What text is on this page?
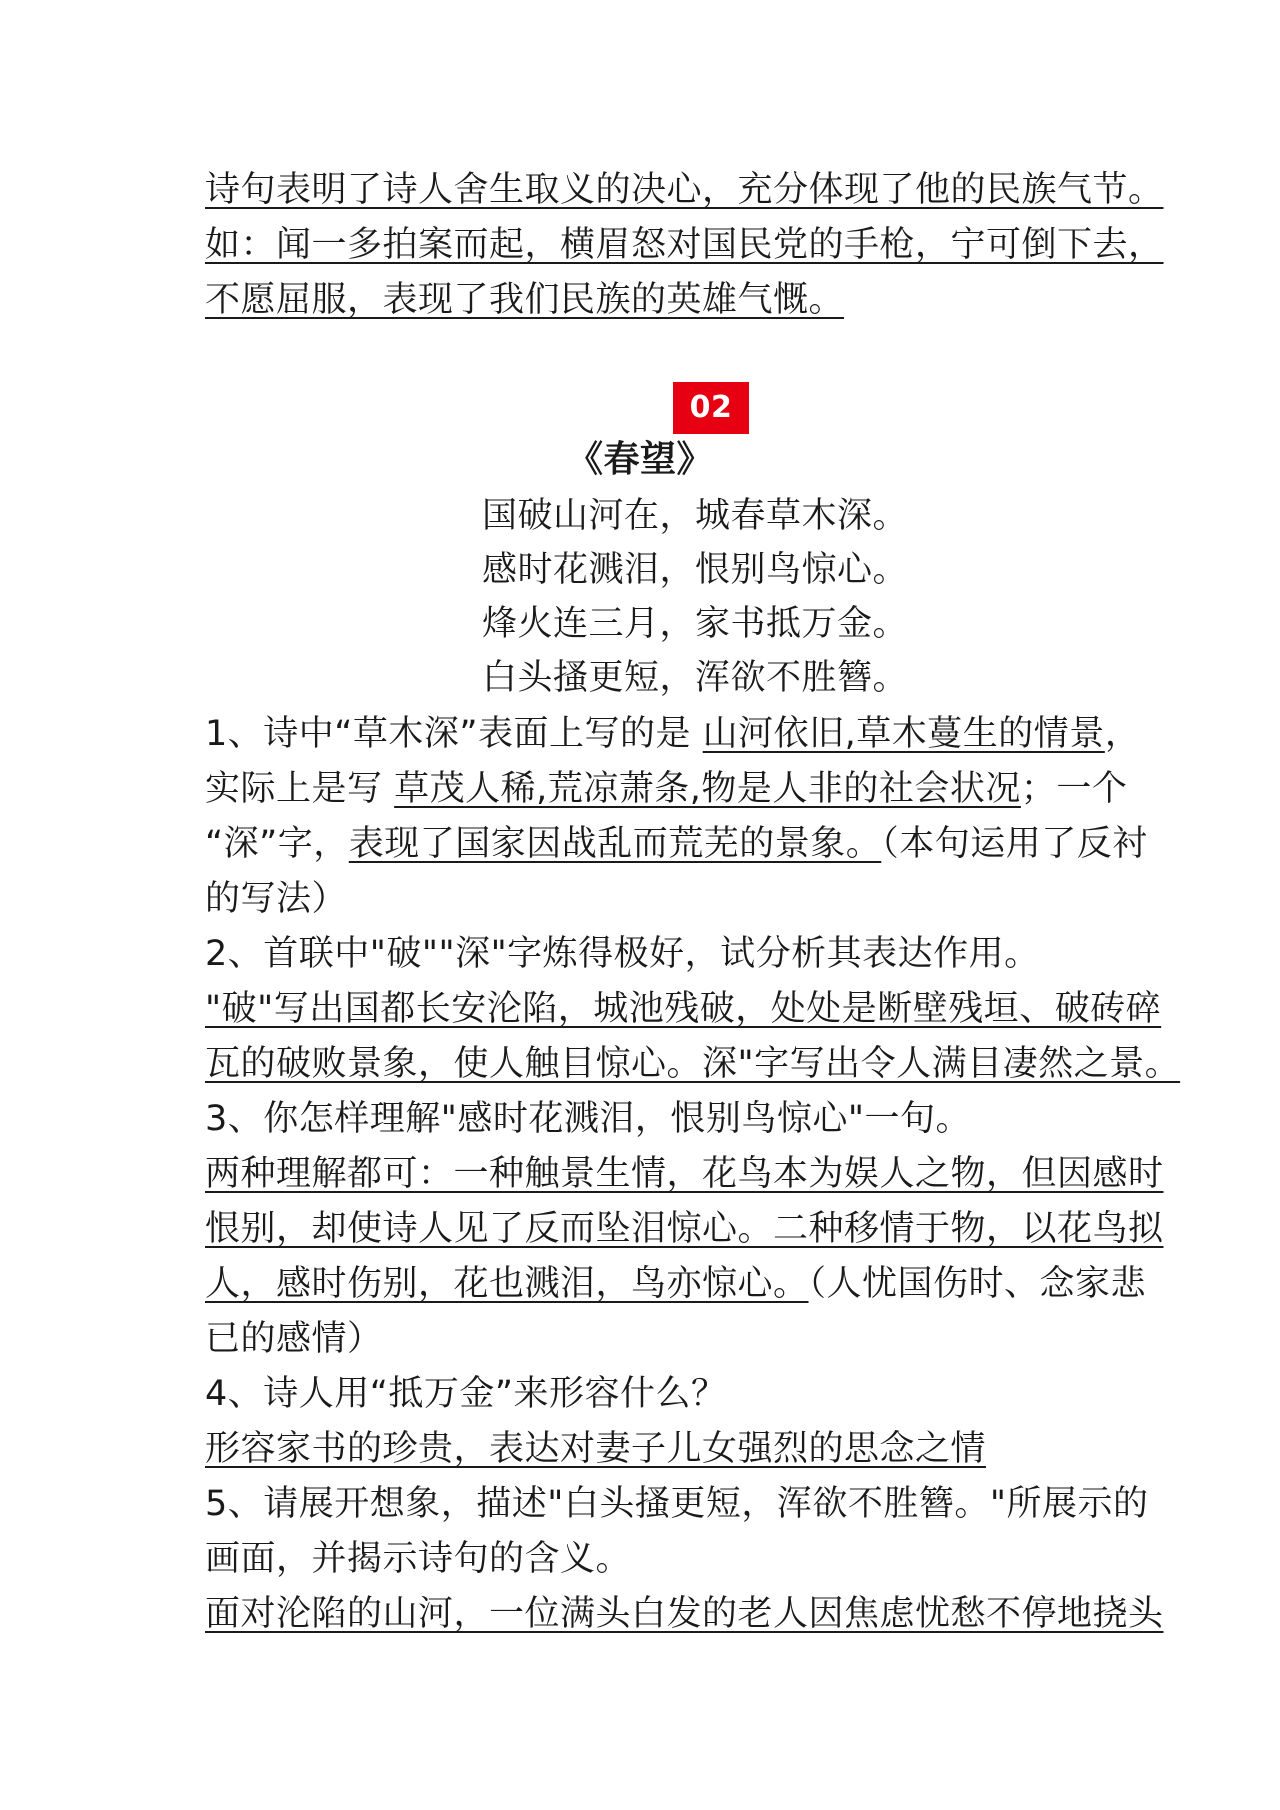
诗句表明了诗人舍生取义的决心，充分体现了他的民族气节。
如：闻一多拍案而起，横眉怒对国民党的手枪，宁可倒下去，
不愿屈服，表现了我们民族的英雄气慨。
02
《春望》
国破山河在，城春草木深。
感时花溅泪，恨别鸟惊心。
烽火连三月，家书抵万金。
白头搔更短，浑欲不胜簪。
1、诗中“草木深”表面上写的是 山河依旧,草木蔓生的情景，
实际上是写 草茂人稀,荒凉萧条,物是人非的社会状况；一个
“深”字，表现了国家因战乱而荒芜的景象。（本句运用了反衬
的写法）
2、首联中"破""深"字炼得极好，试分析其表达作用。
"破"写出国都长安沦陷，城池残破，处处是断壁残垣、破砖碎
瓦的破败景象，使人触目惊心。深"字写出令人满目凄然之景。
3、你怎样理解"感时花溅泪，恨别鸟惊心"一句。
两种理解都可：一种触景生情，花鸟本为娱人之物，但因感时
恨别，却使诗人见了反而坠泪惊心。二种移情于物，以花鸟拟
人，感时伤别，花也溅泪，鸟亦惊心。（人忧国伤时、念家悲
已的感情）
4、诗人用“抵万金”来形容什么？
形容家书的珍贵，表达对妻子儿女强烈的思念之情
5、请展开想象，描述"白头搔更短，浑欲不胜簪。"所展示的
画面，并揭示诗句的含义。
面对沦陷的山河，一位满头白发的老人因焦虑忧愁不停地挠头
